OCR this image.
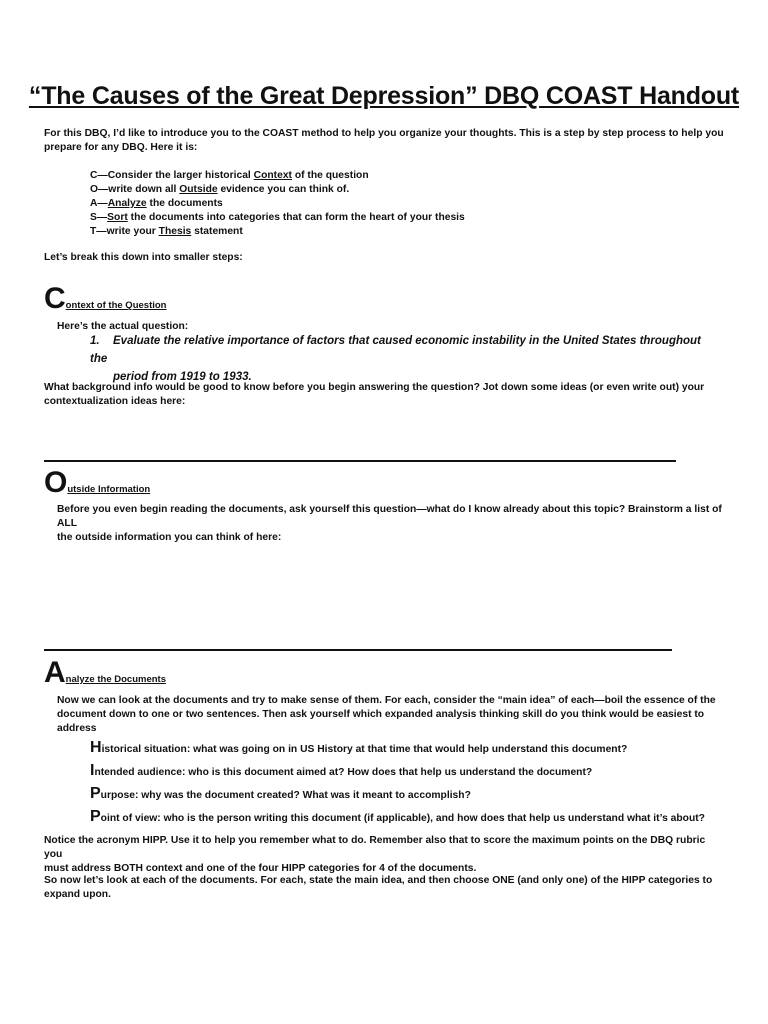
“The Causes of the Great Depression” DBQ COAST Handout
For this DBQ, I’d like to introduce you to the COAST method to help you organize your thoughts. This is a step by step process to help you
prepare for any DBQ. Here it is:
C—Consider the larger historical Context of the question
O—write down all Outside evidence you can think of.
A—Analyze the documents
S—Sort the documents into categories that can form the heart of your thesis
T—write your Thesis statement
Let’s break this down into smaller steps:
Context of the Question
Here’s the actual question:
1. Evaluate the relative importance of factors that caused economic instability in the United States throughout the
period from 1919 to 1933.
What background info would be good to know before you begin answering the question? Jot down some ideas (or even write out) your
contextualization ideas here:
Outside Information
Before you even begin reading the documents, ask yourself this question—what do I know already about this topic? Brainstorm a list of ALL
the outside information you can think of here:
Analyze the Documents
Now we can look at the documents and try to make sense of them. For each, consider the “main idea” of each—boil the essence of the
document down to one or two sentences. Then ask yourself which expanded analysis thinking skill do you think would be easiest to address
Historical situation: what was going on in US History at that time that would help understand this document?
Intended audience: who is this document aimed at? How does that help us understand the document?
Purpose: why was the document created? What was it meant to accomplish?
Point of view: who is the person writing this document (if applicable), and how does that help us understand what it’s about?
Notice the acronym HIPP. Use it to help you remember what to do. Remember also that to score the maximum points on the DBQ rubric you
must address BOTH context and one of the four HIPP categories for 4 of the documents.
So now let’s look at each of the documents. For each, state the main idea, and then choose ONE (and only one) of the HIPP categories to
expand upon.
